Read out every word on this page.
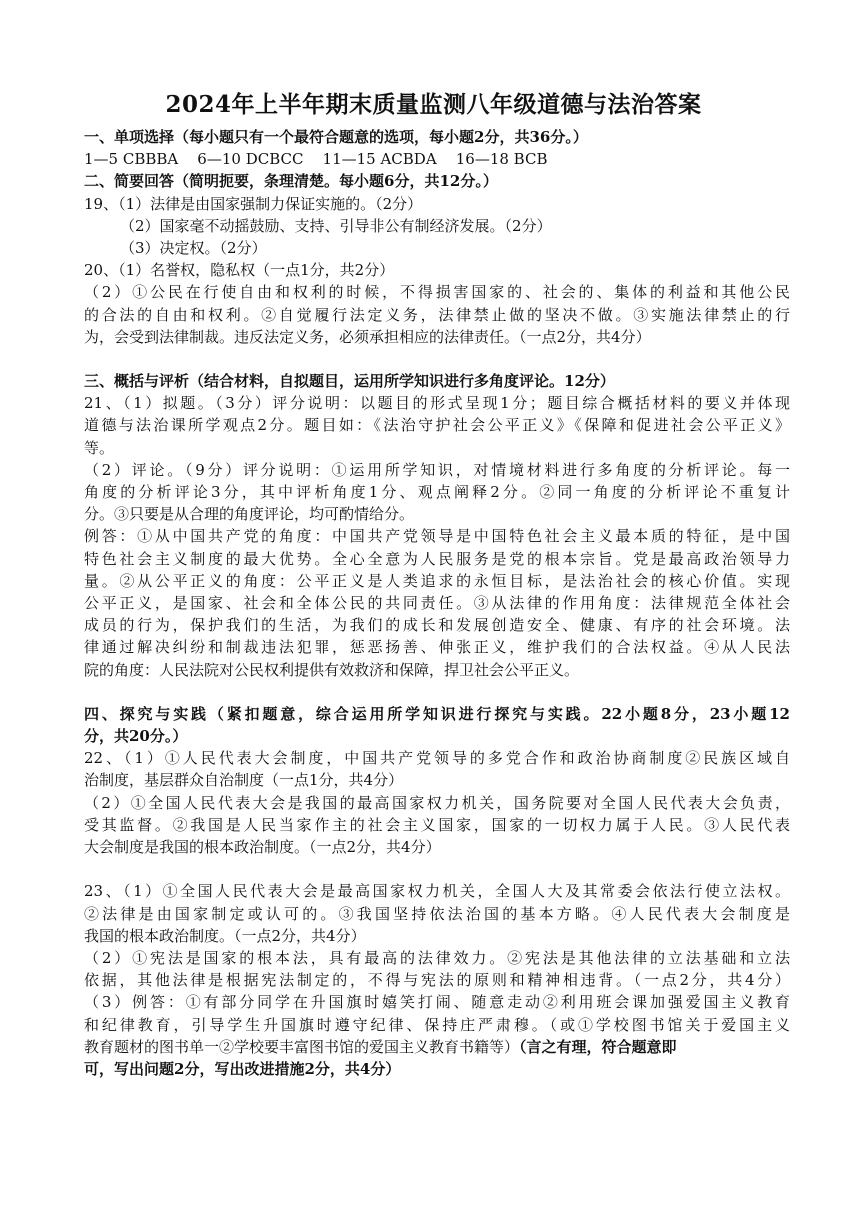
2024年上半年期末质量监测八年级道德与法治答案

一、单项选择（每小题只有一个最符合题意的选项，每小题2分，共36分。）

1—5 CBBBA    6—10 DCBCC    11—15 ACBDA    16—18 BCB

二、简要回答（简明扼要，条理清楚。每小题6分，共12分。）

19、（1）法律是由国家强制力保证实施的。（2分）

（2）国家毫不动摇鼓励、支持、引导非公有制经济发展。（2分）

（3）决定权。（2分）

20、（1）名誉权，隐私权（一点1分，共2分）

（2）①公民在行使自由和权利的时候，不得损害国家的、社会的、集体的利益和其他公民

的合法的自由和权利。②自觉履行法定义务，法律禁止做的坚决不做。③实施法律禁止的行

为，会受到法律制裁。违反法定义务，必须承担相应的法律责任。（一点2分，共4分）

三、概括与评析（结合材料，自拟题目，运用所学知识进行多角度评论。12分）

21、（1）拟题。（3分）评分说明：以题目的形式呈现1分；题目综合概括材料的要义并体现

道德与法治课所学观点2分。题目如：《法治守护社会公平正义》《保障和促进社会公平正义》

等。

（2）评论。（9分）评分说明：①运用所学知识，对情境材料进行多角度的分析评论。每一

角度的分析评论3分，其中评析角度1分、观点阐释2分。②同一角度的分析评论不重复计

分。③只要是从合理的角度评论，均可酌情给分。

例答：①从中国共产党的角度：中国共产党领导是中国特色社会主义最本质的特征，是中国

特色社会主义制度的最大优势。全心全意为人民服务是党的根本宗旨。党是最高政治领导力

量。②从公平正义的角度：公平正义是人类追求的永恒目标，是法治社会的核心价值。实现

公平正义，是国家、社会和全体公民的共同责任。③从法律的作用角度：法律规范全体社会

成员的行为，保护我们的生活，为我们的成长和发展创造安全、健康、有序的社会环境。法

律通过解决纠纷和制裁违法犯罪，惩恶扬善、伸张正义，维护我们的合法权益。④从人民法

院的角度：人民法院对公民权利提供有效救济和保障，捍卫社会公平正义。

四、探究与实践（紧扣题意，综合运用所学知识进行探究与实践。22小题8分，23小题12

分，共20分。）

22、（1）①人民代表大会制度，中国共产党领导的多党合作和政治协商制度②民族区域自

治制度，基层群众自治制度（一点1分，共4分）

（2）①全国人民代表大会是我国的最高国家权力机关，国务院要对全国人民代表大会负责，

受其监督。②我国是人民当家作主的社会主义国家，国家的一切权力属于人民。③人民代表

大会制度是我国的根本政治制度。（一点2分，共4分）

23、（1）①全国人民代表大会是最高国家权力机关，全国人大及其常委会依法行使立法权。

②法律是由国家制定或认可的。③我国坚持依法治国的基本方略。④人民代表大会制度是

我国的根本政治制度。（一点2分，共4分）

（2）①宪法是国家的根本法，具有最高的法律效力。②宪法是其他法律的立法基础和立法

依据，其他法律是根据宪法制定的，不得与宪法的原则和精神相违背。（一点2分，共4分）

（3）例答：①有部分同学在升国旗时嬉笑打闹、随意走动②利用班会课加强爱国主义教育

和纪律教育，引导学生升国旗时遵守纪律、保持庄严肃穆。（或①学校图书馆关于爱国主义

教育题材的图书单一②学校要丰富图书馆的爱国主义教育书籍等）（言之有理，符合题意即

可，写出问题2分，写出改进措施2分，共4分）
